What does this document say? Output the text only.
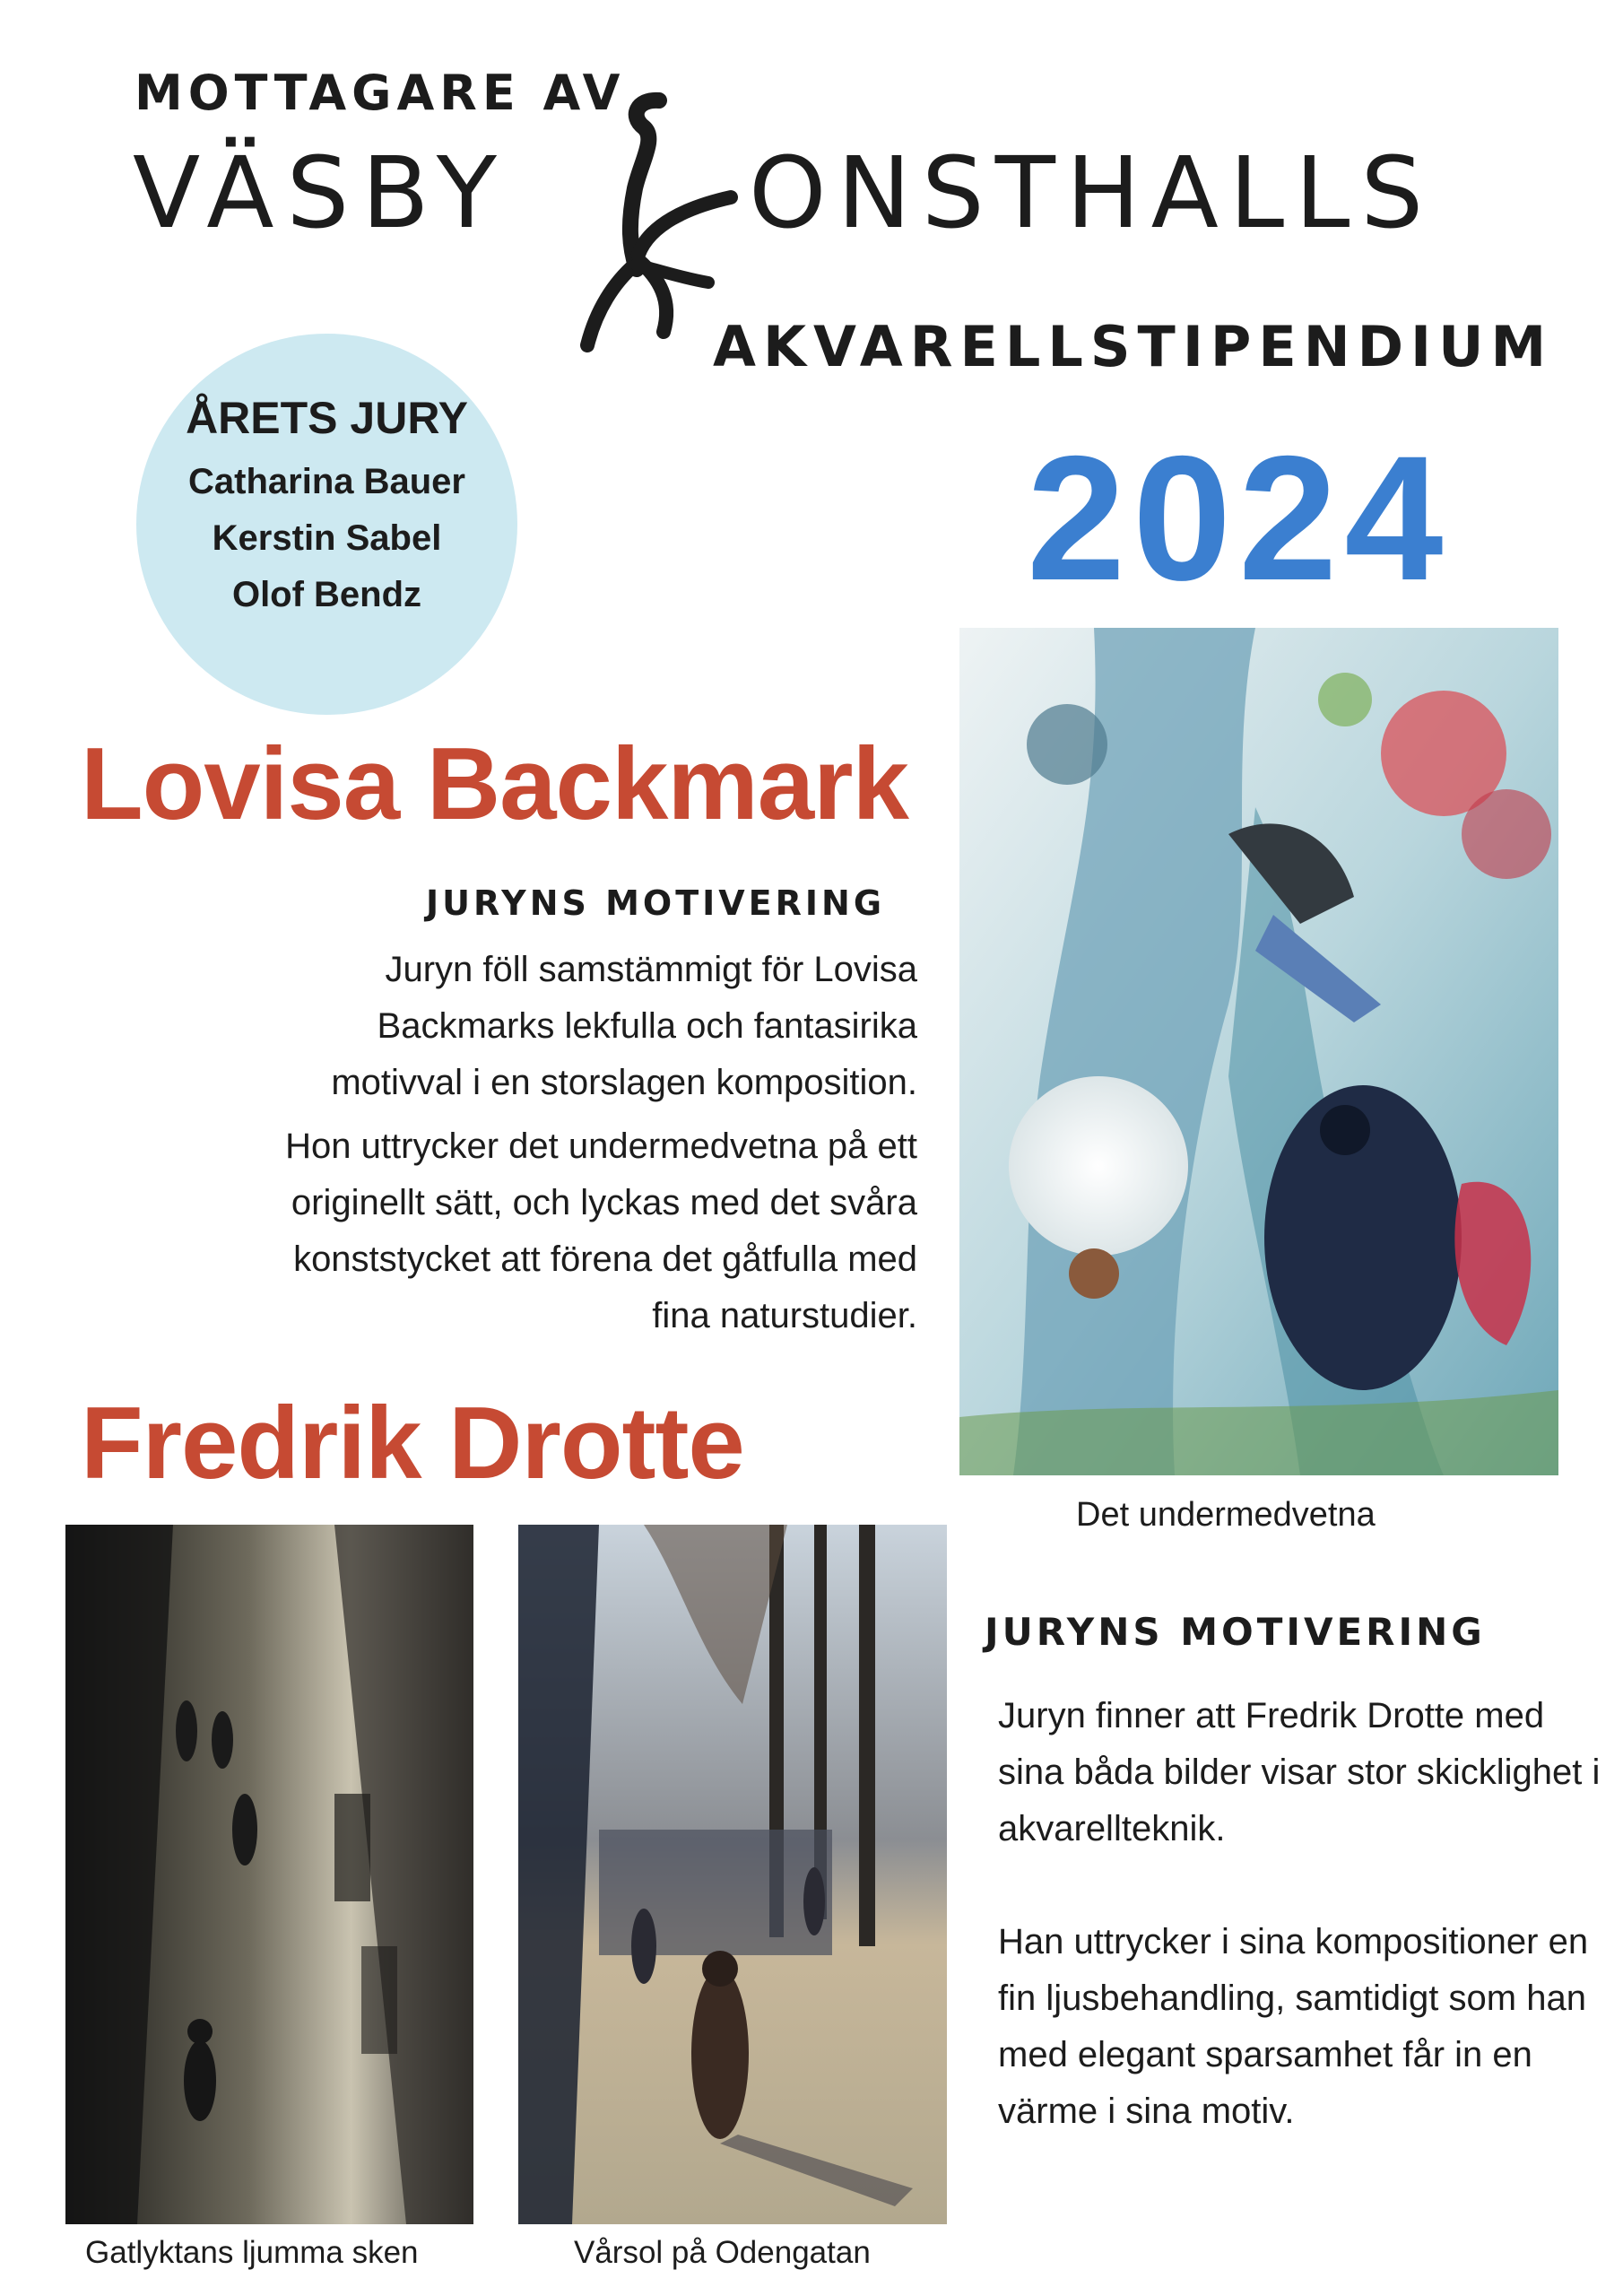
MOTTAGARE AV
VÄSBY ONSTHALLS
AKVARELLSTIPENDIUM
ÅRETS JURY
Catharina Bauer
Kerstin Sabel
Olof Bendz	2024
Lovisa Backmark
JURYNS MOTIVERING

Juryn föll samstämmigt för Lovisa Backmarks lekfulla och fantasirika motivval i en storslagen komposition.

Hon uttrycker det undermedvetna på ett originellt sätt, och lyckas med det svåra konststycket att förena det gåtfulla med fina naturstudier.

Det undermedvetna
Fredrik Drotte
Gatlyktans ljumma sken	Vårsol på Odengatan
JURYNS MOTIVERING

Juryn finner att Fredrik Drotte med sina båda bilder visar stor skicklighet i akvarellteknik.

Han uttrycker i sina kompositioner en fin ljusbehandling, samtidigt som han med elegant sparsamhet får in en värme i sina motiv.
